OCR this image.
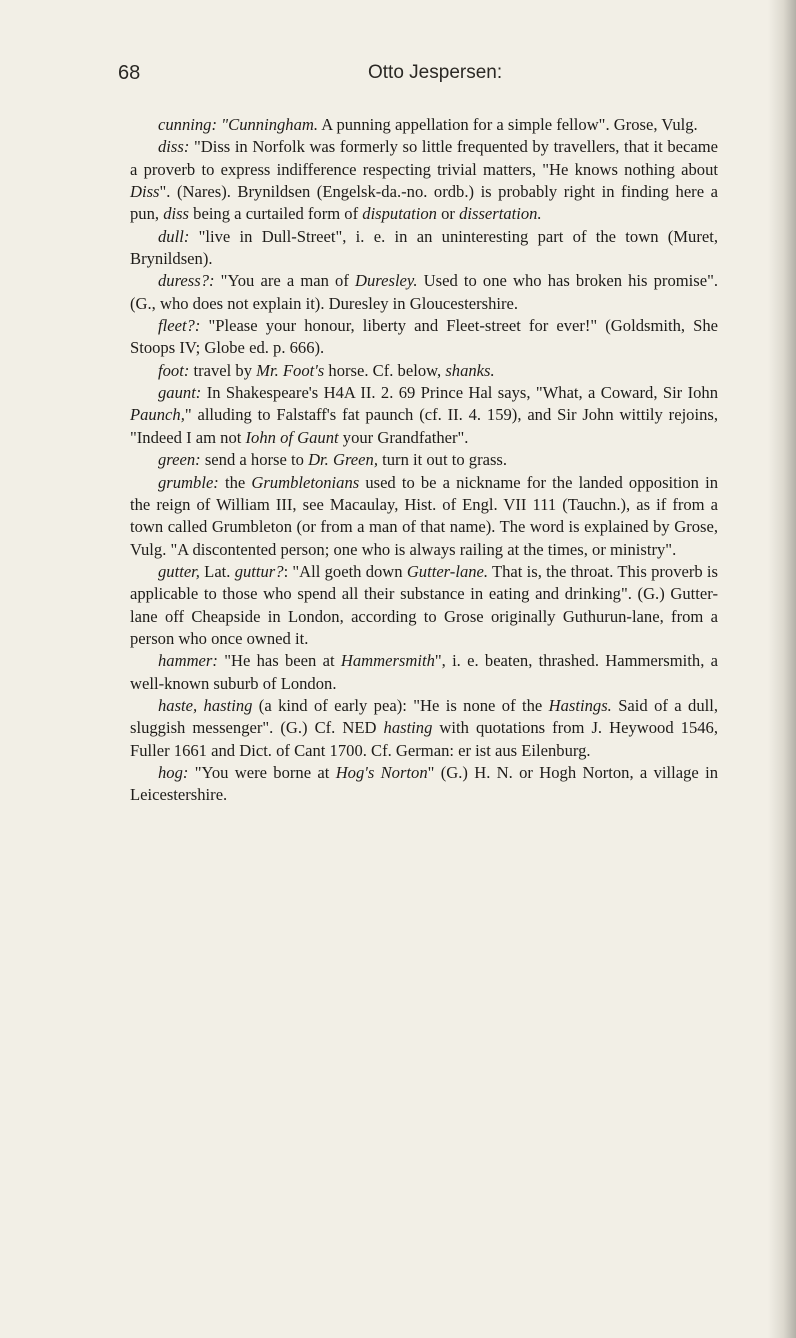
68	Otto Jespersen:

cunning: "Cunningham. A punning appellation for a simple fellow". Grose, Vulg.

diss: "Diss in Norfolk was formerly so little frequented by travellers, that it became a proverb to express indifference respecting trivial matters, "He knows nothing about Diss". (Nares). Brynildsen (Engelsk-da.-no. ordb.) is probably right in finding here a pun, diss being a curtailed form of disputation or dissertation.

dull: "live in Dull-Street", i. e. in an uninteresting part of the town (Muret, Brynildsen).

duress?: "You are a man of Duresley. Used to one who has broken his promise". (G., who does not explain it). Duresley in Gloucestershire.

fleet?: "Please your honour, liberty and Fleet-street for ever!" (Goldsmith, She Stoops IV; Globe ed. p. 666).

foot: travel by Mr. Foot's horse. Cf. below, shanks.

gaunt: In Shakespeare's H4A II. 2. 69 Prince Hal says, "What, a Coward, Sir Iohn Paunch," alluding to Falstaff's fat paunch (cf. II. 4. 159), and Sir John wittily rejoins, "Indeed I am not Iohn of Gaunt your Grandfather".

green: send a horse to Dr. Green, turn it out to grass.

grumble: the Grumbletonians used to be a nickname for the landed opposition in the reign of William III, see Macaulay, Hist. of Engl. VII 111 (Tauchn.), as if from a town called Grumbleton (or from a man of that name). The word is explained by Grose, Vulg. "A discontented person; one who is always railing at the times, or ministry".

gutter, Lat. guttur?: "All goeth down Gutter-lane. That is, the throat. This proverb is applicable to those who spend all their substance in eating and drinking". (G.) Gutter-lane off Cheapside in London, according to Grose originally Guthurun-lane, from a person who once owned it.

hammer: "He has been at Hammersmith", i. e. beaten, thrashed. Hammersmith, a well-known suburb of London.

haste, hasting (a kind of early pea): "He is none of the Hastings. Said of a dull, sluggish messenger". (G.) Cf. NED hasting with quotations from J. Heywood 1546, Fuller 1661 and Dict. of Cant 1700. Cf. German: er ist aus Eilenburg.

hog: "You were borne at Hog's Norton" (G.) H. N. or Hogh Norton, a village in Leicestershire.
